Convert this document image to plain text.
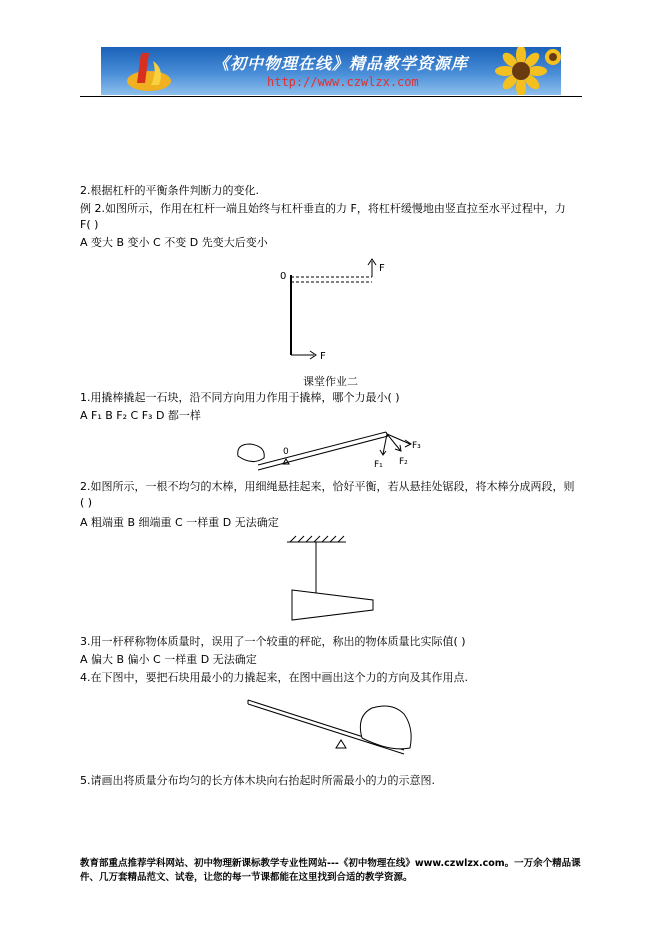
《初中物理在线》精品教学资源库
http://www.czwlzx.com
2.根据杠杆的平衡条件判断力的变化.
例 2.如图所示，作用在杠杆一端且始终与杠杆垂直的力 F，将杠杆缓慢地由竖直拉至水平过程中，力
F( )
A 变大 B 变小 C 不变 D 先变大后变小
0
F
F
课堂作业二
1.用撬棒撬起一石块，沿不同方向用力作用于撬棒，哪个力最小( )
A F₁ B F₂ C F₃ D 都一样
0
F₁ F₂
F₃
2.如图所示，一根不均匀的木棒，用细绳悬挂起来，恰好平衡，若从悬挂处锯段，将木棒分成两段，则
( )
A 粗端重 B 细端重 C 一样重 D 无法确定
3.用一杆秤称物体质量时，误用了一个较重的秤砣，称出的物体质量比实际值( )
A 偏大 B 偏小 C 一样重 D 无法确定
4.在下图中，要把石块用最小的力撬起来，在图中画出这个力的方向及其作用点.
5.请画出将质量分布均匀的长方体木块向右抬起时所需最小的力的示意图.
教育部重点推荐学科网站、初中物理新课标教学专业性网站---《初中物理在线》www.czwlzx.com。一万余个精品课件、几万套精品范文、试卷，让您的每一节课都能在这里找到合适的教学资源。
